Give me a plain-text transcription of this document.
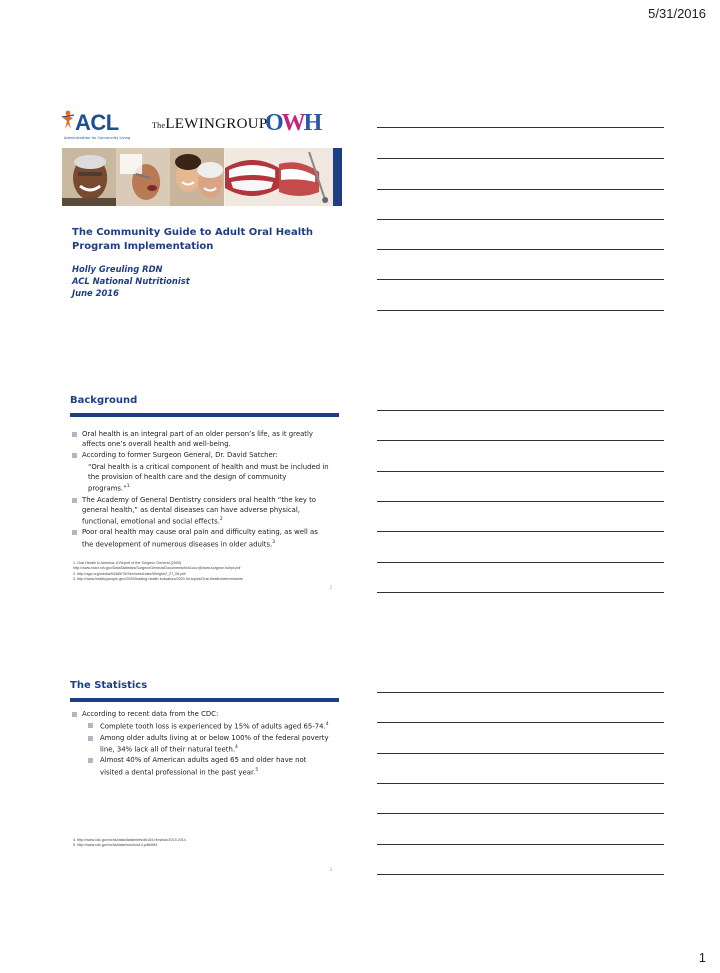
5/31/2016
ACL
Administration for Community Living
TheLEWINGROUP
OWH
The Community Guide to Adult Oral Health
Program Implementation
Holly Greuling RDN
ACL National Nutritionist
June 2016
Background
Oral health is an integral part of an older person’s life, as it greatly affects one’s overall health and well-being.
According to former Surgeon General, Dr. David Satcher:
“Oral health is a critical component of health and must be included in the provision of health care and the design of community programs.”$^1$
The Academy of General Dentistry considers oral health “the key to general health,” as dental diseases can have adverse physical, functional, emotional and social effects.$^2$
Poor oral health may cause oral pain and difficulty eating, as well as the development of numerous diseases in older adults.$^3$
1. Oral Health in America: A Report of the Surgeon General (2000)
http://www.nidcr.nih.gov/DataStatistics/SurgeonGeneral/Documents/hck1ocv.@www.surgeon.fullrpt.pdf
2. http://agd.org/media/94365/75/Services/Index/Weight/2_27_06.pdf
3. http://www.healthypeople.gov/2020/leading-health-indicators/2020-lhi-topics/Oral-Health/determinants
2
The Statistics
According to recent data from the CDC:
Complete tooth loss is experienced by 15% of adults aged 65-74.$^4$
Among older adults living at or below 100% of the federal poverty line, 34% lack all of their natural teeth.$^4$
Almost 40% of American adults aged 65 and older have not visited a dental professional in the past year.$^5$
4. http://www.cdc.gov/nchs/data/databriefs/db104.htm#cdc2013 2014
5. http://www.cdc.gov/nchs/data/hus/hus14.pdf#084
3
1
